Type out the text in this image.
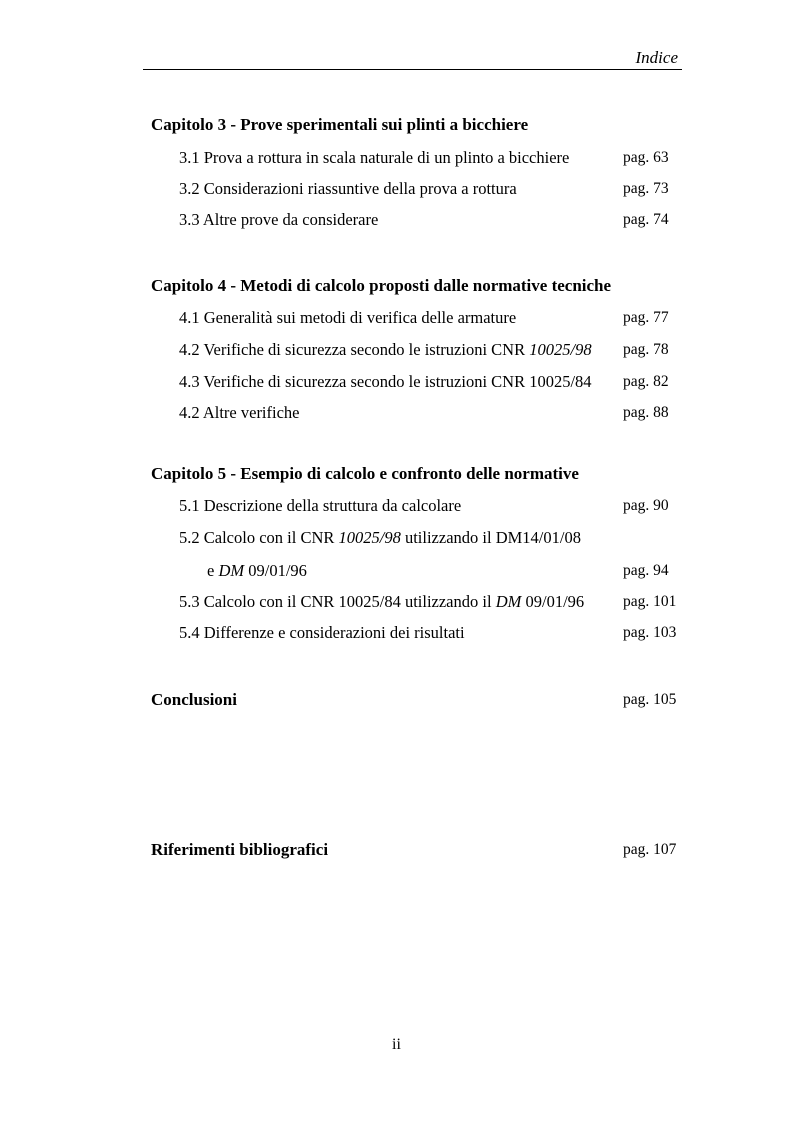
Indice
Capitolo 3 - Prove sperimentali sui plinti a bicchiere
3.1 Prova a rottura in scala naturale di un plinto a bicchiere	pag. 63
3.2 Considerazioni riassuntive della prova a rottura	pag. 73
3.3 Altre prove da considerare	pag. 74
Capitolo 4 - Metodi di calcolo proposti dalle normative tecniche
4.1 Generalità sui metodi di verifica delle armature	pag. 77
4.2 Verifiche di sicurezza secondo le istruzioni CNR 10025/98 pag. 78
4.3 Verifiche di sicurezza secondo le istruzioni CNR 10025/84 pag. 82
4.2 Altre verifiche	pag. 88
Capitolo 5 - Esempio di calcolo e confronto delle normative
5.1 Descrizione della struttura da calcolare	pag. 90
5.2 Calcolo con il CNR 10025/98 utilizzando il DM14/01/08
e DM 09/01/96	pag. 94
5.3 Calcolo con il CNR 10025/84 utilizzando il DM 09/01/96	pag. 101
5.4 Differenze e considerazioni dei risultati	pag. 103
Conclusioni	pag. 105
Riferimenti bibliografici	pag. 107
ii
